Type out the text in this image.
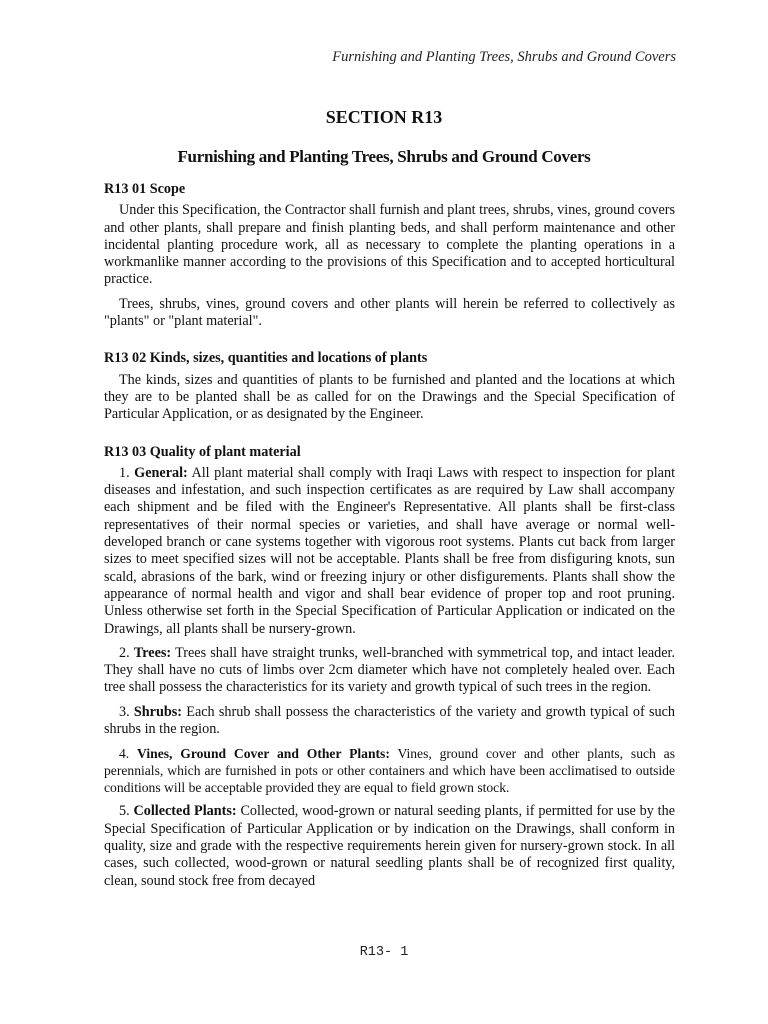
Furnishing and Planting Trees, Shrubs and Ground Covers
SECTION R13
Furnishing and Planting Trees, Shrubs and Ground Covers
R13 01 Scope

Under this Specification, the Contractor shall furnish and plant trees, shrubs, vines, ground covers and other plants, shall prepare and finish planting beds, and shall perform maintenance and other incidental planting procedure work, all as necessary to complete the planting operations in a workmanlike manner according to the provisions of this Specification and to accepted horticultural practice.

Trees, shrubs, vines, ground covers and other plants will herein be referred to collectively as "plants" or "plant material".

R13 02 Kinds, sizes, quantities and locations of plants

The kinds, sizes and quantities of plants to be furnished and planted and the locations at which they are to be planted shall be as called for on the Drawings and the Special Specification of Particular Application, or as designated by the Engineer.

R13 03 Quality of plant material

1. General: All plant material shall comply with Iraqi Laws with respect to inspection for plant diseases and infestation, and such inspection certificates as are required by Law shall accompany each shipment and be filed with the Engineer's Representative. All plants shall be first-class representatives of their normal species or varieties, and shall have average or normal well-developed branch or cane systems together with vigorous root systems. Plants cut back from larger sizes to meet specified sizes will not be acceptable. Plants shall be free from disfiguring knots, sun scald, abrasions of the bark, wind or freezing injury or other disfigurements. Plants shall show the appearance of normal health and vigor and shall bear evidence of proper top and root pruning. Unless otherwise set forth in the Special Specification of Particular Application or indicated on the Drawings, all plants shall be nursery-grown.

2. Trees: Trees shall have straight trunks, well-branched with symmetrical top, and intact leader. They shall have no cuts of limbs over 2cm diameter which have not completely healed over. Each tree shall possess the characteristics for its variety and growth typical of such trees in the region.

3. Shrubs: Each shrub shall possess the characteristics of the variety and growth typical of such shrubs in the region.

4. Vines, Ground Cover and Other Plants: Vines, ground cover and other plants, such as perennials, which are furnished in pots or other containers and which have been acclimatised to outside conditions will be acceptable provided they are equal to field grown stock.

5. Collected Plants: Collected, wood-grown or natural seeding plants, if permitted for use by the Special Specification of Particular Application or by indication on the Drawings, shall conform in quality, size and grade with the respective requirements herein given for nursery-grown stock. In all cases, such collected, wood-grown or natural seedling plants shall be of recognized first quality, clean, sound stock free from decayed

R13- 1
